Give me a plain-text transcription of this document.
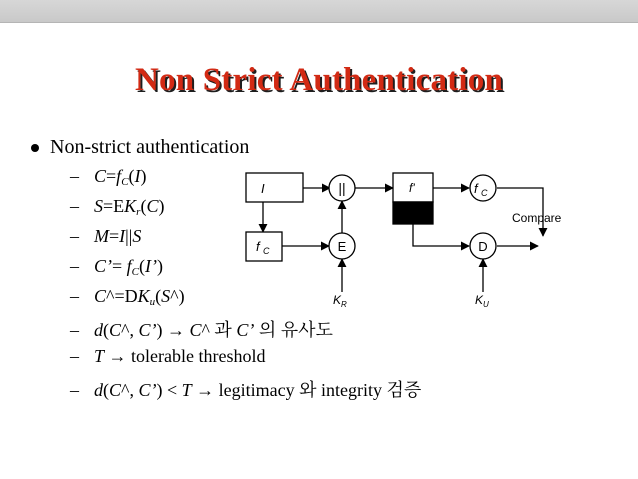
Non Strict Authentication
Non-strict authentication
– $C=f_C(I)$
– $S=EK_r(C)$
– M=I||S
– C’= $f_C(I’)$
– $C\^{}=DK_u(S\^{})$
– d(C^, C’) → C^ 과 C’ 의 유사도
– T → tolerable threshold
– d(C^, C’) < T → legitimacy 와 integrity 검증
I	||	f'	f C
Compare
f C	E	D
K R	K U
